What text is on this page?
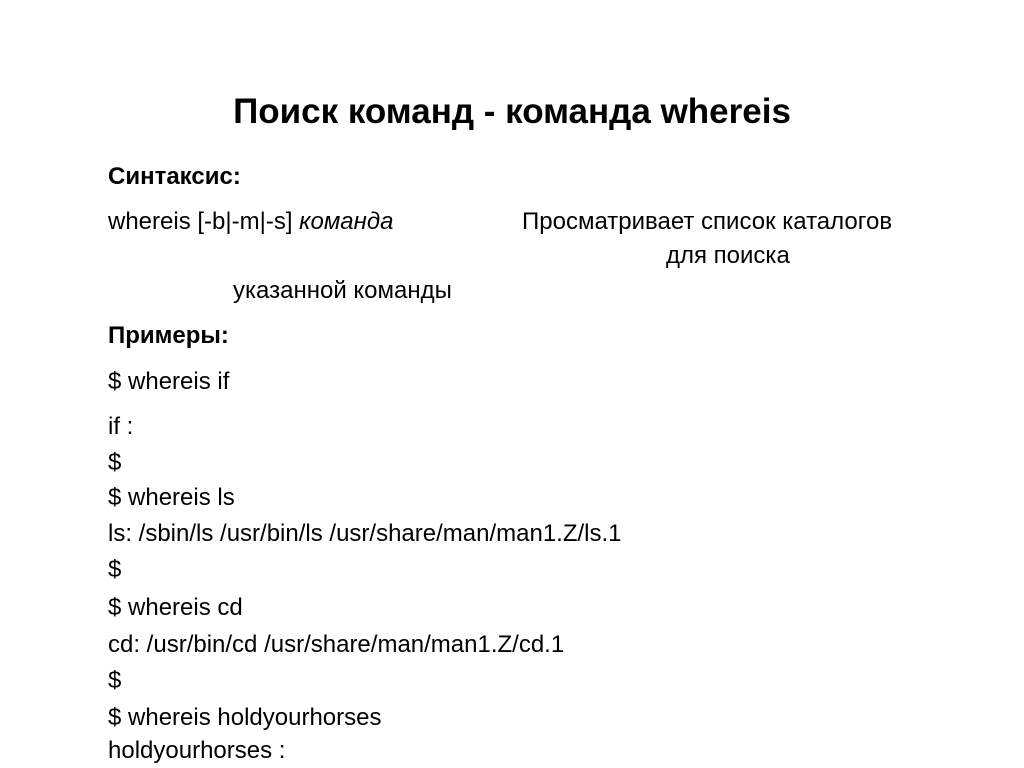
Поиск команд - команда whereis
Синтаксис:
whereis [-b|-m|-s] команда	Просматривает список каталогов
для поиска
указанной команды
Примеры:
$ whereis if
if :
$
$ whereis ls
ls: /sbin/ls /usr/bin/ls /usr/share/man/man1.Z/ls.1
$
$ whereis cd
cd: /usr/bin/cd /usr/share/man/man1.Z/cd.1
$
$ whereis holdyourhorses
holdyourhorses :
